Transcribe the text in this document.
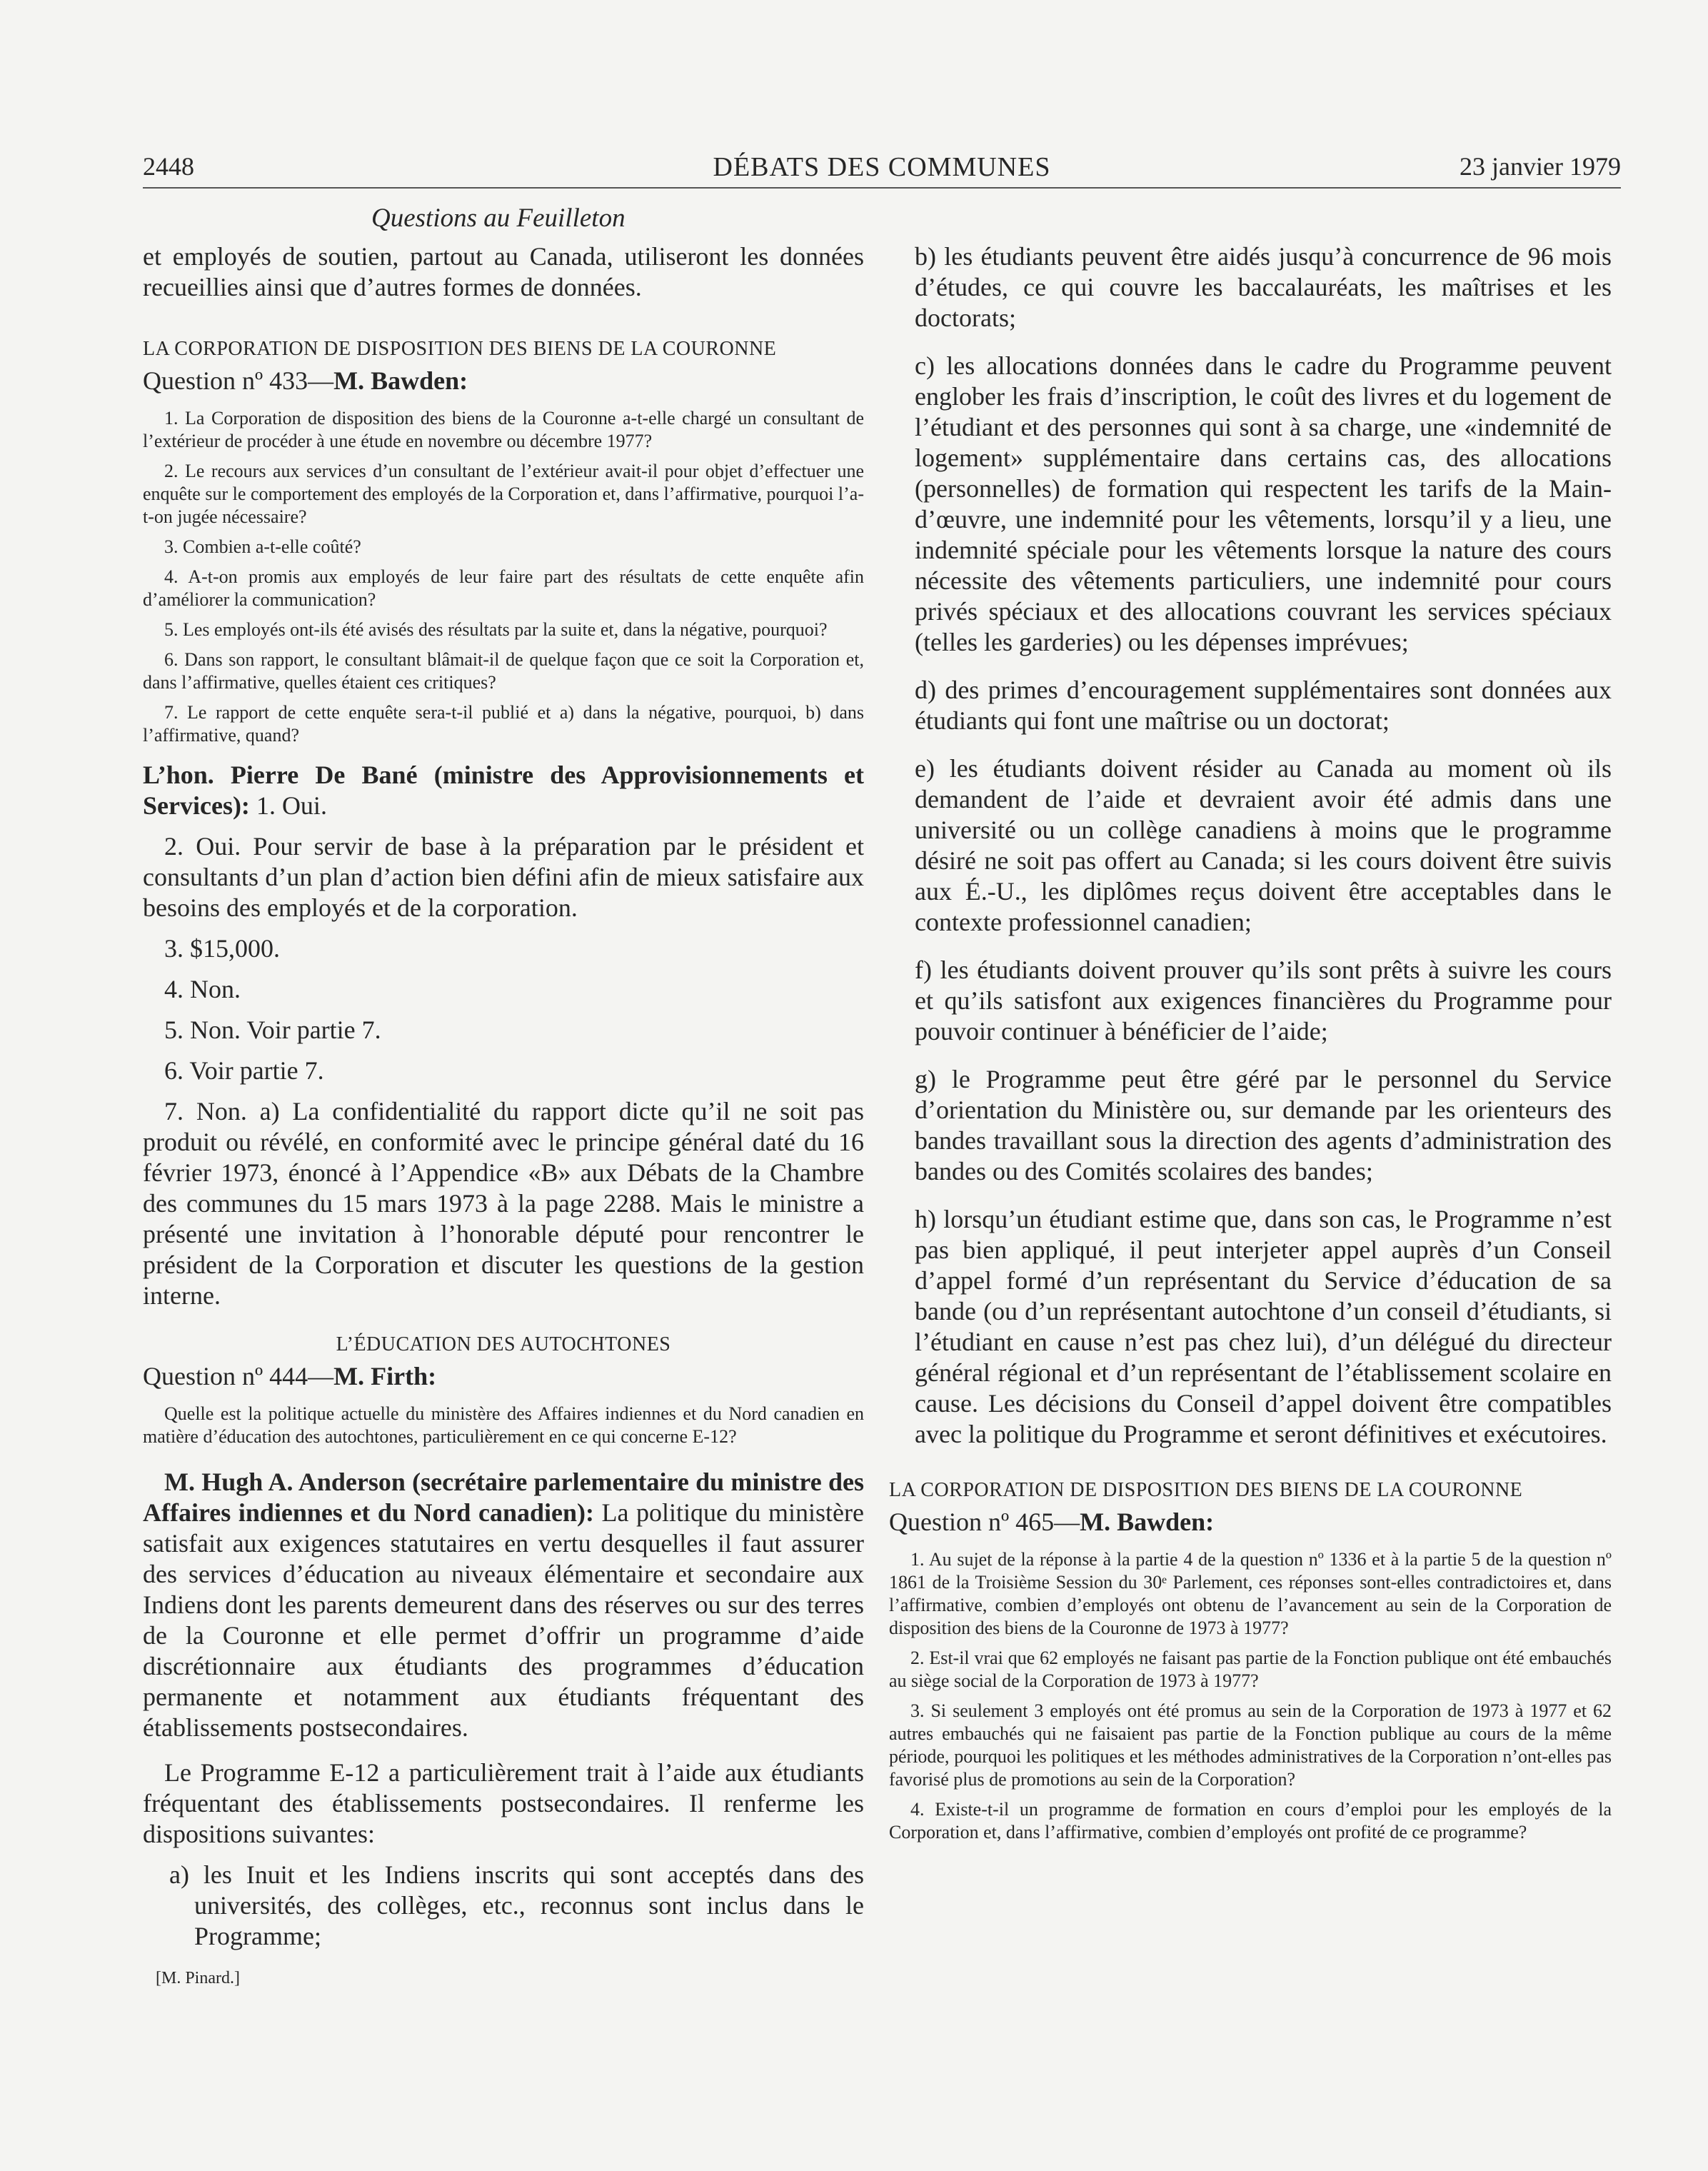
2448	DÉBATS DES COMMUNES	23 janvier 1979
Questions au Feuilleton
et employés de soutien, partout au Canada, utiliseront les données recueillies ainsi que d’autres formes de données.
LA CORPORATION DE DISPOSITION DES BIENS DE LA COURONNE
Question nº 433—M. Bawden:
1. La Corporation de disposition des biens de la Couronne a-t-elle chargé un consultant de l’extérieur de procéder à une étude en novembre ou décembre 1977?
2. Le recours aux services d’un consultant de l’extérieur avait-il pour objet d’effectuer une enquête sur le comportement des employés de la Corporation et, dans l’affirmative, pourquoi l’a-t-on jugée nécessaire?
3. Combien a-t-elle coûté?
4. A-t-on promis aux employés de leur faire part des résultats de cette enquête afin d’améliorer la communication?
5. Les employés ont-ils été avisés des résultats par la suite et, dans la négative, pourquoi?
6. Dans son rapport, le consultant blâmait-il de quelque façon que ce soit la Corporation et, dans l’affirmative, quelles étaient ces critiques?
7. Le rapport de cette enquête sera-t-il publié et a) dans la négative, pourquoi, b) dans l’affirmative, quand?
L’hon. Pierre De Bané (ministre des Approvisionnements et Services): 1. Oui.
2. Oui. Pour servir de base à la préparation par le président et consultants d’un plan d’action bien défini afin de mieux satisfaire aux besoins des employés et de la corporation.
3. $15,000.
4. Non.
5. Non. Voir partie 7.
6. Voir partie 7.
7. Non. a) La confidentialité du rapport dicte qu’il ne soit pas produit ou révélé, en conformité avec le principe général daté du 16 février 1973, énoncé à l’Appendice «B» aux Débats de la Chambre des communes du 15 mars 1973 à la page 2288. Mais le ministre a présenté une invitation à l’honorable député pour rencontrer le président de la Corporation et discuter les questions de la gestion interne.
L’ÉDUCATION DES AUTOCHTONES
Question nº 444—M. Firth:
Quelle est la politique actuelle du ministère des Affaires indiennes et du Nord canadien en matière d’éducation des autochtones, particulièrement en ce qui concerne E-12?
M. Hugh A. Anderson (secrétaire parlementaire du ministre des Affaires indiennes et du Nord canadien): La politique du ministère satisfait aux exigences statutaires en vertu desquelles il faut assurer des services d’éducation au niveaux élémentaire et secondaire aux Indiens dont les parents demeurent dans des réserves ou sur des terres de la Couronne et elle permet d’offrir un programme d’aide discrétionnaire aux étudiants des programmes d’éducation permanente et notamment aux étudiants fréquentant des établissements postsecondaires.
Le Programme E-12 a particulièrement trait à l’aide aux étudiants fréquentant des établissements postsecondaires. Il renferme les dispositions suivantes:
a) les Inuit et les Indiens inscrits qui sont acceptés dans des universités, des collèges, etc., reconnus sont inclus dans le Programme;
[M. Pinard.]
b) les étudiants peuvent être aidés jusqu’à concurrence de 96 mois d’études, ce qui couvre les baccalauréats, les maîtrises et les doctorats;
c) les allocations données dans le cadre du Programme peuvent englober les frais d’inscription, le coût des livres et du logement de l’étudiant et des personnes qui sont à sa charge, une «indemnité de logement» supplémentaire dans certains cas, des allocations (personnelles) de formation qui respectent les tarifs de la Main-d’œuvre, une indemnité pour les vêtements, lorsqu’il y a lieu, une indemnité spéciale pour les vêtements lorsque la nature des cours nécessite des vêtements particuliers, une indemnité pour cours privés spéciaux et des allocations couvrant les services spéciaux (telles les garderies) ou les dépenses imprévues;
d) des primes d’encouragement supplémentaires sont données aux étudiants qui font une maîtrise ou un doctorat;
e) les étudiants doivent résider au Canada au moment où ils demandent de l’aide et devraient avoir été admis dans une université ou un collège canadiens à moins que le programme désiré ne soit pas offert au Canada; si les cours doivent être suivis aux É.-U., les diplômes reçus doivent être acceptables dans le contexte professionnel canadien;
f) les étudiants doivent prouver qu’ils sont prêts à suivre les cours et qu’ils satisfont aux exigences financières du Programme pour pouvoir continuer à bénéficier de l’aide;
g) le Programme peut être géré par le personnel du Service d’orientation du Ministère ou, sur demande par les orienteurs des bandes travaillant sous la direction des agents d’administration des bandes ou des Comités scolaires des bandes;
h) lorsqu’un étudiant estime que, dans son cas, le Programme n’est pas bien appliqué, il peut interjeter appel auprès d’un Conseil d’appel formé d’un représentant du Service d’éducation de sa bande (ou d’un représentant autochtone d’un conseil d’étudiants, si l’étudiant en cause n’est pas chez lui), d’un délégué du directeur général régional et d’un représentant de l’établissement scolaire en cause. Les décisions du Conseil d’appel doivent être compatibles avec la politique du Programme et seront définitives et exécutoires.
LA CORPORATION DE DISPOSITION DES BIENS DE LA COURONNE
Question nº 465—M. Bawden:
1. Au sujet de la réponse à la partie 4 de la question nº 1336 et à la partie 5 de la question nº 1861 de la Troisième Session du 30ᵉ Parlement, ces réponses sont-elles contradictoires et, dans l’affirmative, combien d’employés ont obtenu de l’avancement au sein de la Corporation de disposition des biens de la Couronne de 1973 à 1977?
2. Est-il vrai que 62 employés ne faisant pas partie de la Fonction publique ont été embauchés au siège social de la Corporation de 1973 à 1977?
3. Si seulement 3 employés ont été promus au sein de la Corporation de 1973 à 1977 et 62 autres embauchés qui ne faisaient pas partie de la Fonction publique au cours de la même période, pourquoi les politiques et les méthodes administratives de la Corporation n’ont-elles pas favorisé plus de promotions au sein de la Corporation?
4. Existe-t-il un programme de formation en cours d’emploi pour les employés de la Corporation et, dans l’affirmative, combien d’employés ont profité de ce programme?
